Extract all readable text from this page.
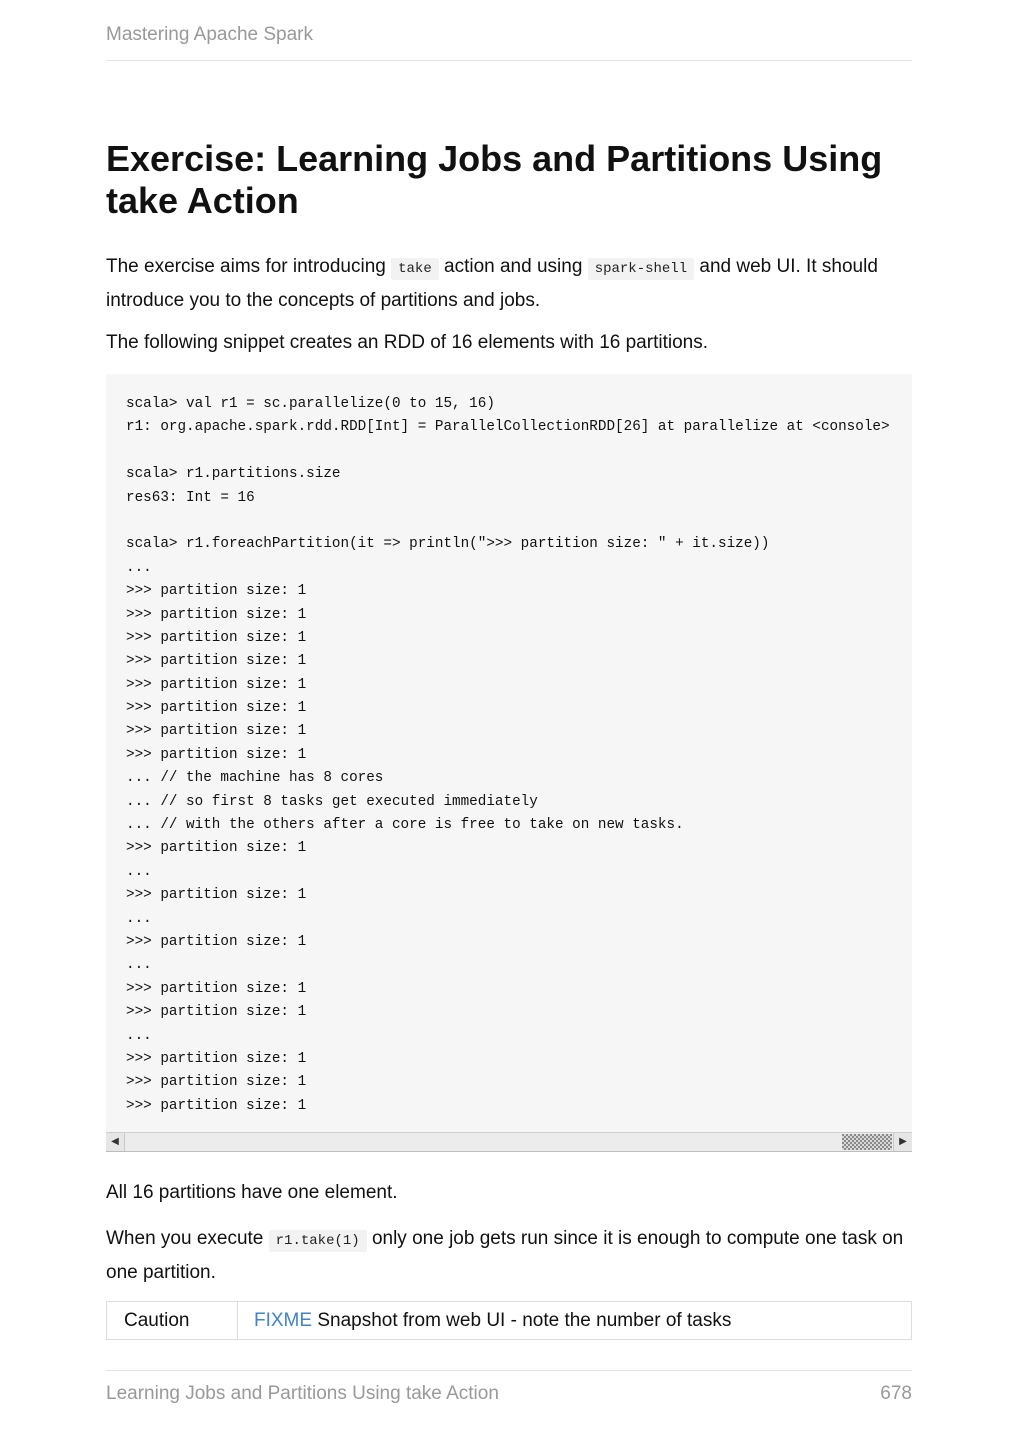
Mastering Apache Spark
Exercise: Learning Jobs and Partitions Using take Action

The exercise aims for introducing take action and using spark-shell and web UI. It should introduce you to the concepts of partitions and jobs.

The following snippet creates an RDD of 16 elements with 16 partitions.

scala> val r1 = sc.parallelize(0 to 15, 16)
r1: org.apache.spark.rdd.RDD[Int] = ParallelCollectionRDD[26] at parallelize at <console>
scala> r1.partitions.size
res63: Int = 16
scala> r1.foreachPartition(it => println(">>> partition size: " + it.size))
...
>>> partition size: 1
>>> partition size: 1
>>> partition size: 1
>>> partition size: 1
>>> partition size: 1
>>> partition size: 1
>>> partition size: 1
>>> partition size: 1
... // the machine has 8 cores
... // so first 8 tasks get executed immediately
... // with the others after a core is free to take on new tasks.
>>> partition size: 1
...
>>> partition size: 1
...
>>> partition size: 1
...
>>> partition size: 1
>>> partition size: 1
...
>>> partition size: 1
>>> partition size: 1
>>> partition size: 1
◀	▶

All 16 partitions have one element.

When you execute r1.take(1) only one job gets run since it is enough to compute one task on one partition.

Caution	FIXME Snapshot from web UI - note the number of tasks
Learning Jobs and Partitions Using take Action	678
